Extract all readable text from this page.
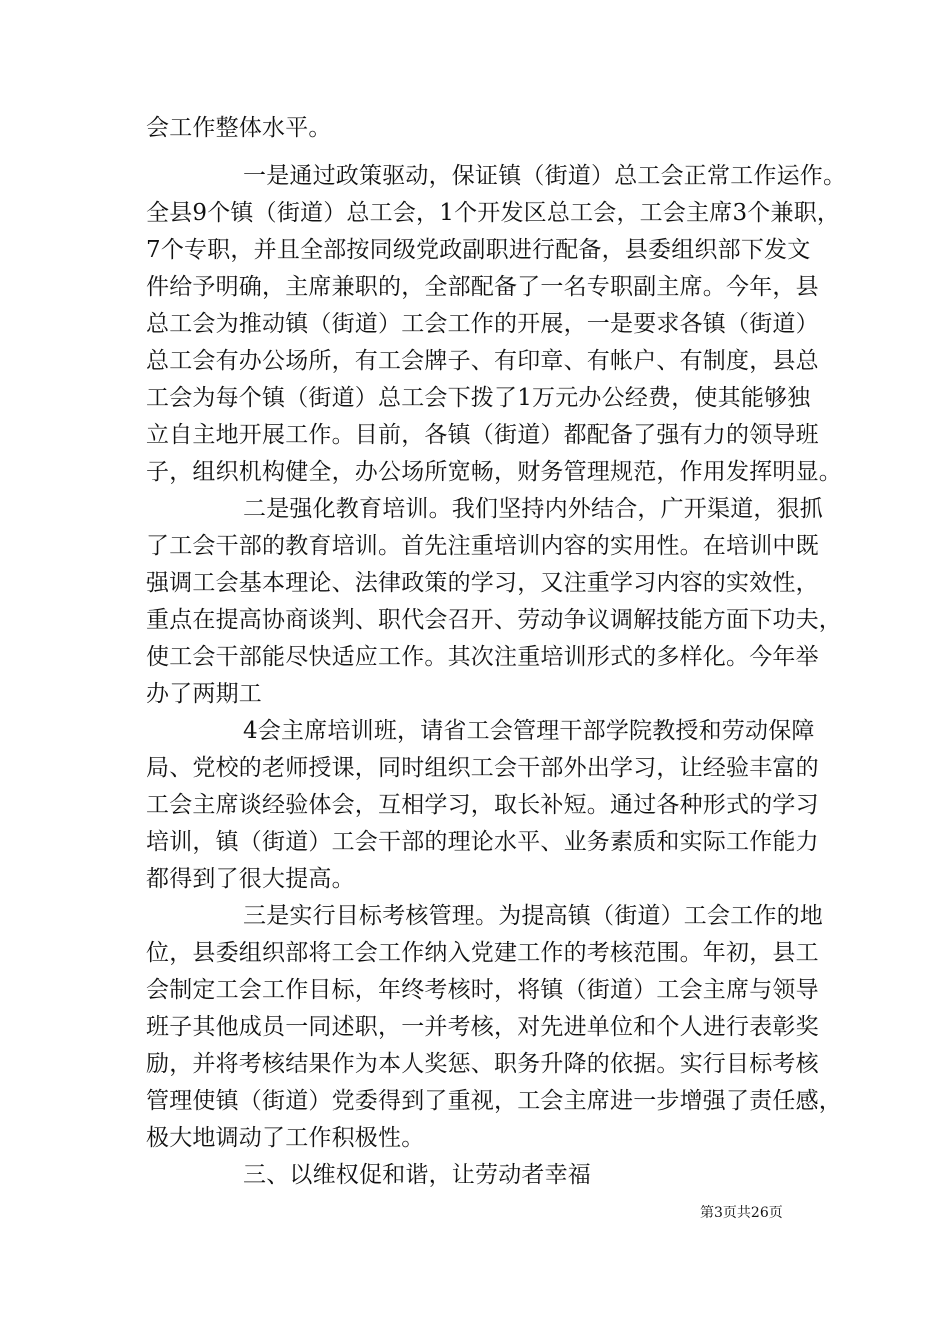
会工作整体水平。
一是通过政策驱动，保证镇（街道）总工会正常工作运作。
全县9个镇（街道）总工会，1个开发区总工会，工会主席3个兼职，
7个专职，并且全部按同级党政副职进行配备，县委组织部下发文
件给予明确，主席兼职的，全部配备了一名专职副主席。今年，县
总工会为推动镇（街道）工会工作的开展，一是要求各镇（街道）
总工会有办公场所，有工会牌子、有印章、有帐户、有制度，县总
工会为每个镇（街道）总工会下拨了1万元办公经费，使其能够独
立自主地开展工作。目前，各镇（街道）都配备了强有力的领导班
子，组织机构健全，办公场所宽畅，财务管理规范，作用发挥明显。
二是强化教育培训。我们坚持内外结合，广开渠道，狠抓
了工会干部的教育培训。首先注重培训内容的实用性。在培训中既
强调工会基本理论、法律政策的学习，又注重学习内容的实效性，
重点在提高协商谈判、职代会召开、劳动争议调解技能方面下功夫，
使工会干部能尽快适应工作。其次注重培训形式的多样化。今年举
办了两期工
4会主席培训班，请省工会管理干部学院教授和劳动保障
局、党校的老师授课，同时组织工会干部外出学习，让经验丰富的
工会主席谈经验体会，互相学习，取长补短。通过各种形式的学习
培训，镇（街道）工会干部的理论水平、业务素质和实际工作能力
都得到了很大提高。
三是实行目标考核管理。为提高镇（街道）工会工作的地
位，县委组织部将工会工作纳入党建工作的考核范围。年初，县工
会制定工会工作目标，年终考核时，将镇（街道）工会主席与领导
班子其他成员一同述职，一并考核，对先进单位和个人进行表彰奖
励，并将考核结果作为本人奖惩、职务升降的依据。实行目标考核
管理使镇（街道）党委得到了重视，工会主席进一步增强了责任感，
极大地调动了工作积极性。
三、以维权促和谐，让劳动者幸福
第3页共26页
